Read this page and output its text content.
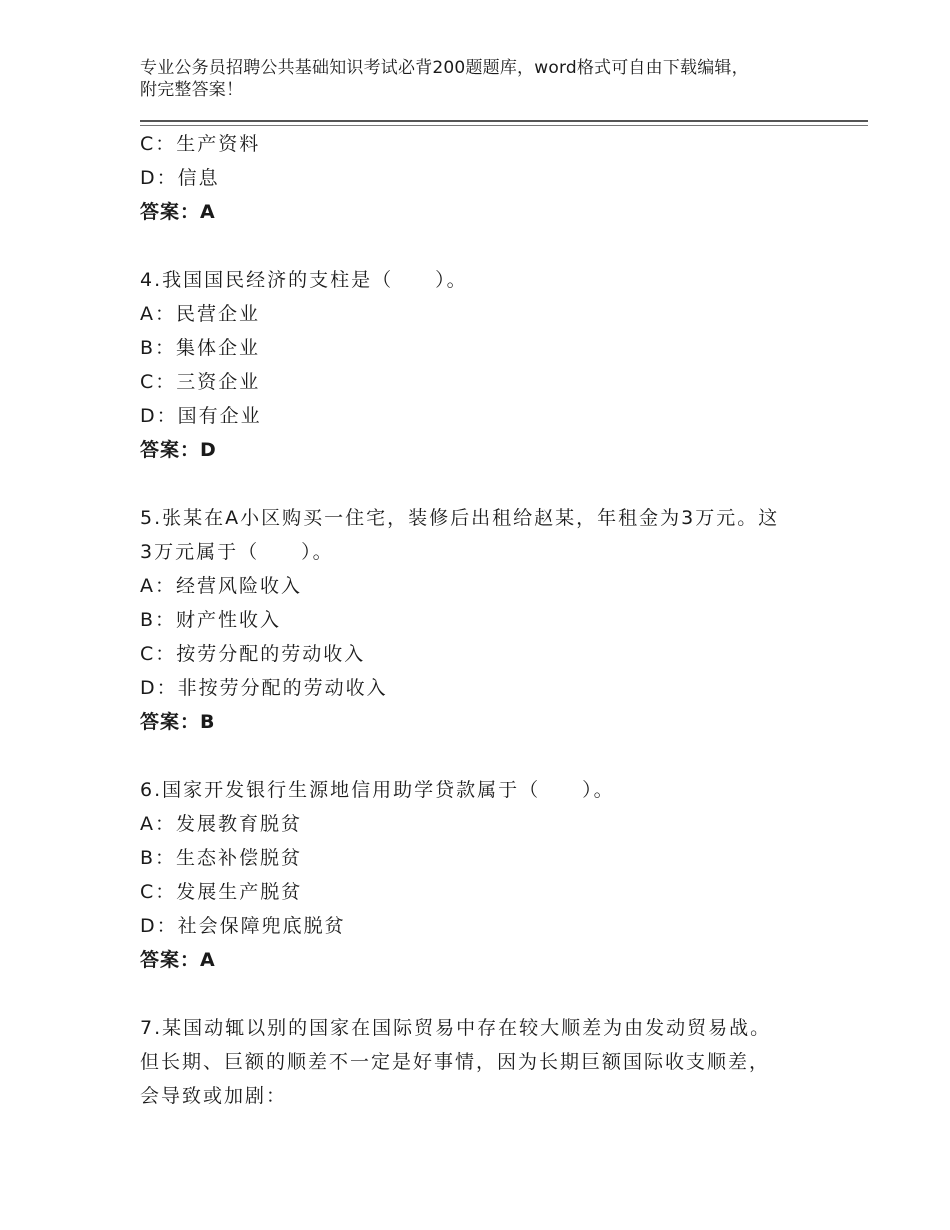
专业公务员招聘公共基础知识考试必背200题题库，word格式可自由下载编辑，
附完整答案！
C：生产资料
D：信息
答案：A
4.我国国民经济的支柱是（　　）。
A：民营企业
B：集体企业
C：三资企业
D：国有企业
答案：D
5.张某在A小区购买一住宅，装修后出租给赵某，年租金为3万元。这
3万元属于（　　）。
A：经营风险收入
B：财产性收入
C：按劳分配的劳动收入
D：非按劳分配的劳动收入
答案：B
6.国家开发银行生源地信用助学贷款属于（　　）。
A：发展教育脱贫
B：生态补偿脱贫
C：发展生产脱贫
D：社会保障兜底脱贫
答案：A
7.某国动辄以别的国家在国际贸易中存在较大顺差为由发动贸易战。
但长期、巨额的顺差不一定是好事情，因为长期巨额国际收支顺差，
会导致或加剧：
